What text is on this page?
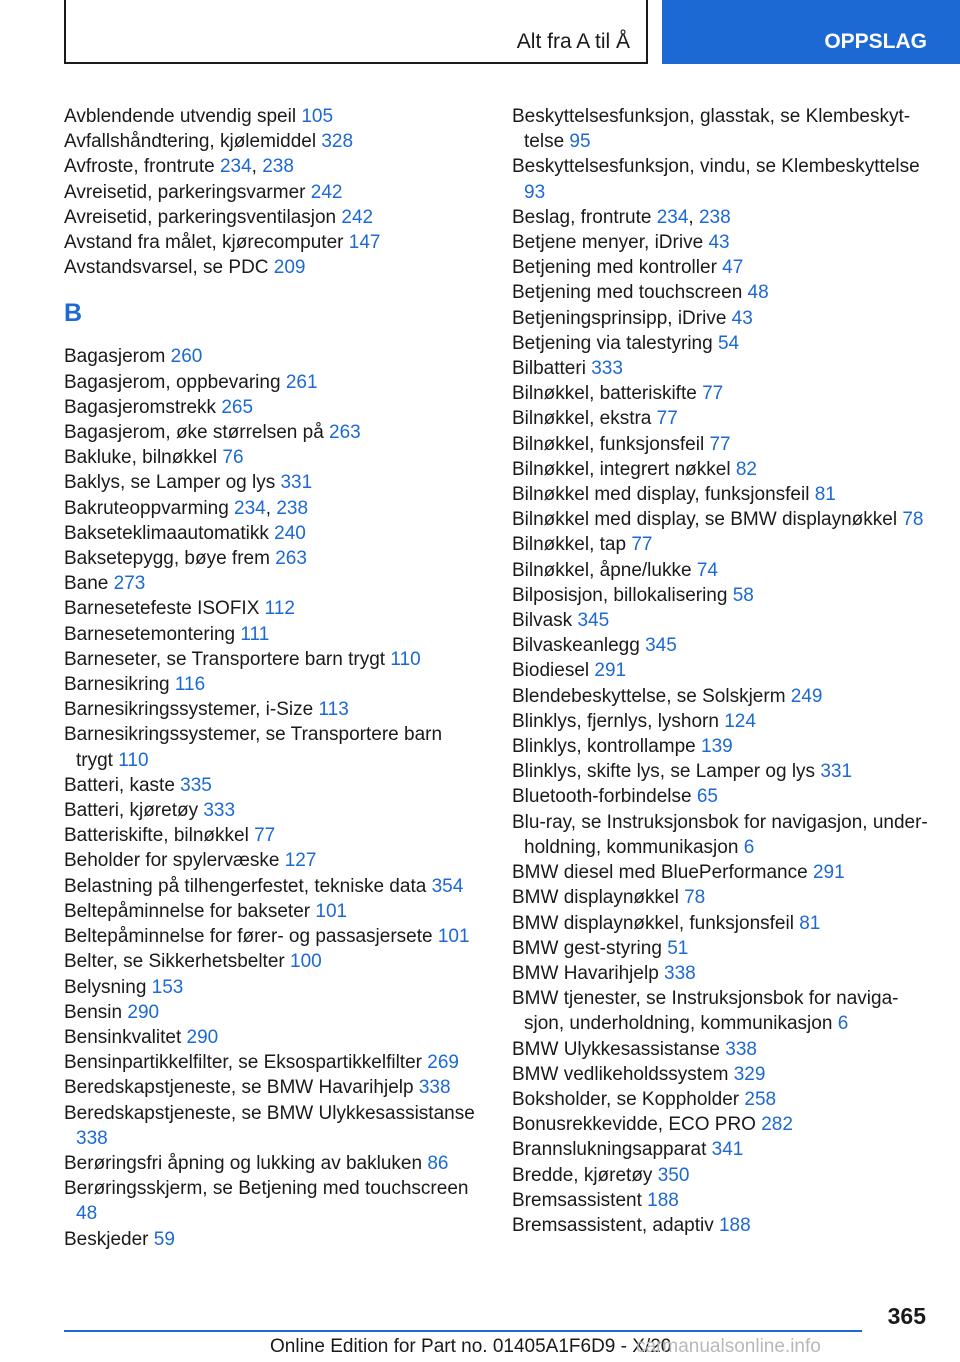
Alt fra A til Å	OPPSLAG
Avblendende utvendig speil 105
Avfallshåndtering, kjølemiddel 328
Avfroste, frontrute 234, 238
Avreisetid, parkeringsvarmer 242
Avreisetid, parkeringsventilasjon 242
Avstand fra målet, kjørecomputer 147
Avstandsvarsel, se PDC 209
B
Bagasjerom 260
Bagasjerom, oppbevaring 261
Bagasjeromstrekk 265
Bagasjerom, øke størrelsen på 263
Bakluke, bilnøkkel 76
Baklys, se Lamper og lys 331
Bakruteoppvarming 234, 238
Bakseteklimaautomatikk 240
Baksetерygg, bøye frem 263
Bane 273
Barnesetefeste ISOFIX 112
Barnesetemontering 111
Barneseter, se Transportere barn trygt 110
Barnesikring 116
Barnesikringssystemer, i-Size 113
Barnesikringssystemer, se Transportere barn trygt 110
Batteri, kaste 335
Batteri, kjøretøy 333
Batteriskifte, bilnøkkel 77
Beholder for spylervæske 127
Belastning på tilhengerfestet, tekniske data 354
Beltepåminnelse for bakseter 101
Beltepåminnelse for fører- og passasjersete 101
Belter, se Sikkerhetsbelter 100
Belysning 153
Bensin 290
Bensinkvalitet 290
Bensinpartikkelfilter, se Eksospartikkelfilter 269
Beredskapstjeneste, se BMW Havarihjelp 338
Beredskapstjeneste, se BMW Ulykkesassistanse 338
Berøringsfri åpning og lukking av bakluken 86
Berøringsskjerm, se Betjening med touchscreen 48
Beskjeder 59
Beskyttelsesfunksjon, glasstak, se Klembeskyttelse 95
Beskyttelsesfunksjon, vindu, se Klembeskyttelse 93
Beslag, frontrute 234, 238
Betjene menyer, iDrive 43
Betjening med kontroller 47
Betjening med touchscreen 48
Betjeningsprinsipp, iDrive 43
Betjening via talestyring 54
Bilbatteri 333
Bilnøkkel, batteriskifte 77
Bilnøkkel, ekstra 77
Bilnøkkel, funksjonsfeil 77
Bilnøkkel, integrert nøkkel 82
Bilnøkkel med display, funksjonsfeil 81
Bilnøkkel med display, se BMW displaynøkkel 78
Bilnøkkel, tap 77
Bilnøkkel, åpne/lukke 74
Bilposisjon, billokalisering 58
Bilvask 345
Bilvaskeanlegg 345
Biodiesel 291
Blendebeskyttelse, se Solskjerm 249
Blinklys, fjernlys, lyshorn 124
Blinklys, kontrollampe 139
Blinklys, skifte lys, se Lamper og lys 331
Bluetooth-forbindelse 65
Blu-ray, se Instruksjonsbok for navigasjon, underholdning, kommunikasjon 6
BMW diesel med BluePerformance 291
BMW displaynøkkel 78
BMW displaynøkkel, funksjonsfeil 81
BMW gest-styring 51
BMW Havarihjelp 338
BMW tjenester, se Instruksjonsbok for navigasjon, underholdning, kommunikasjon 6
BMW Ulykkesassistanse 338
BMW vedlikeholdssystem 329
Boksholder, se Koppholder 258
Bonusrekkevidde, ECO PRO 282
Brannslukningsapparat 341
Bredde, kjøretøy 350
Bremsassistent 188
Bremsassistent, adaptiv 188
365
Online Edition for Part no. 01405A1F6D9 - X/20
carmanualsonline.info
